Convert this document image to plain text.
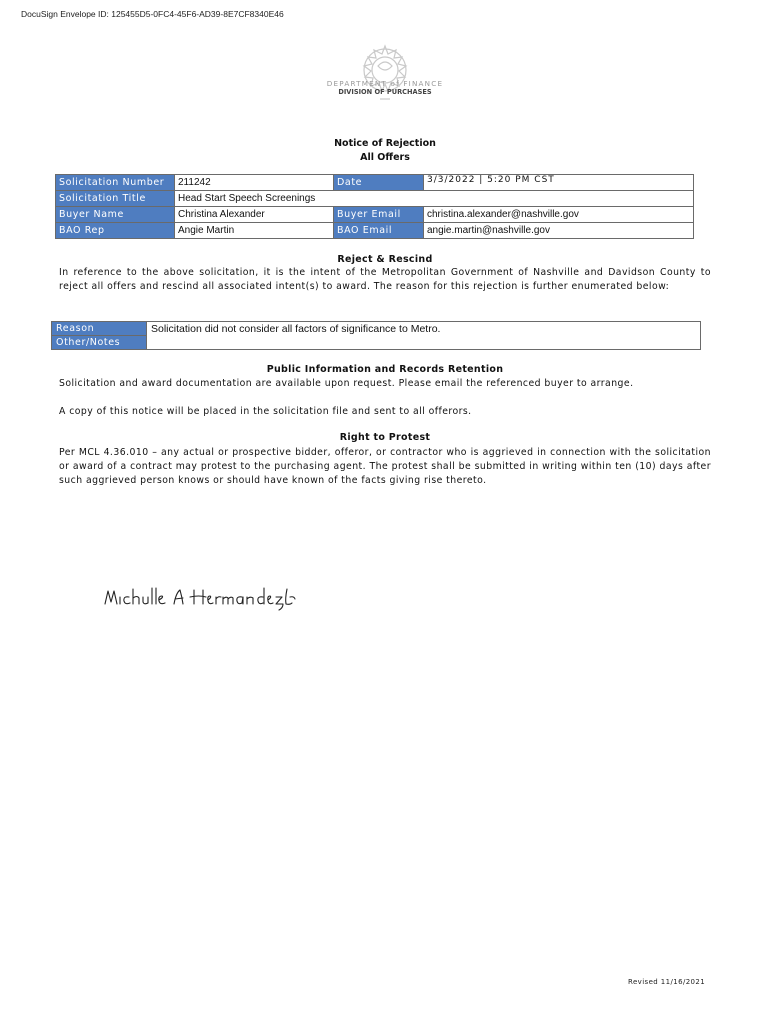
DocuSign Envelope ID: 125455D5-0FC4-45F6-AD39-8E7CF8340E46
DEPARTMENT of FINANCE
DIVISION OF PURCHASES
Notice of Rejection
All Offers
Solicitation Number	211242	Date	3/3/2022 | 5:20 PM CST
Solicitation Title	Head Start Speech Screenings		
Buyer Name	Christina Alexander	Buyer Email	christina.alexander@nashville.gov
BAO Rep	Angie Martin	BAO Email	angie.martin@nashville.gov
Reject & Rescind
In reference to the above solicitation, it is the intent of the Metropolitan Government of Nashville and Davidson County to reject all offers and rescind all associated intent(s) to award. The reason for this rejection is further enumerated below:
Reason	Solicitation did not consider all factors of significance to Metro.
Other/Notes
Public Information and Records Retention
Solicitation and award documentation are available upon request. Please email the referenced buyer to arrange.
A copy of this notice will be placed in the solicitation file and sent to all offerors.
Right to Protest
Per MCL 4.36.010 – any actual or prospective bidder, offeror, or contractor who is aggrieved in connection with the solicitation or award of a contract may protest to the purchasing agent. The protest shall be submitted in writing within ten (10) days after such aggrieved person knows or should have known of the facts giving rise thereto.
Revised 11/16/2021
